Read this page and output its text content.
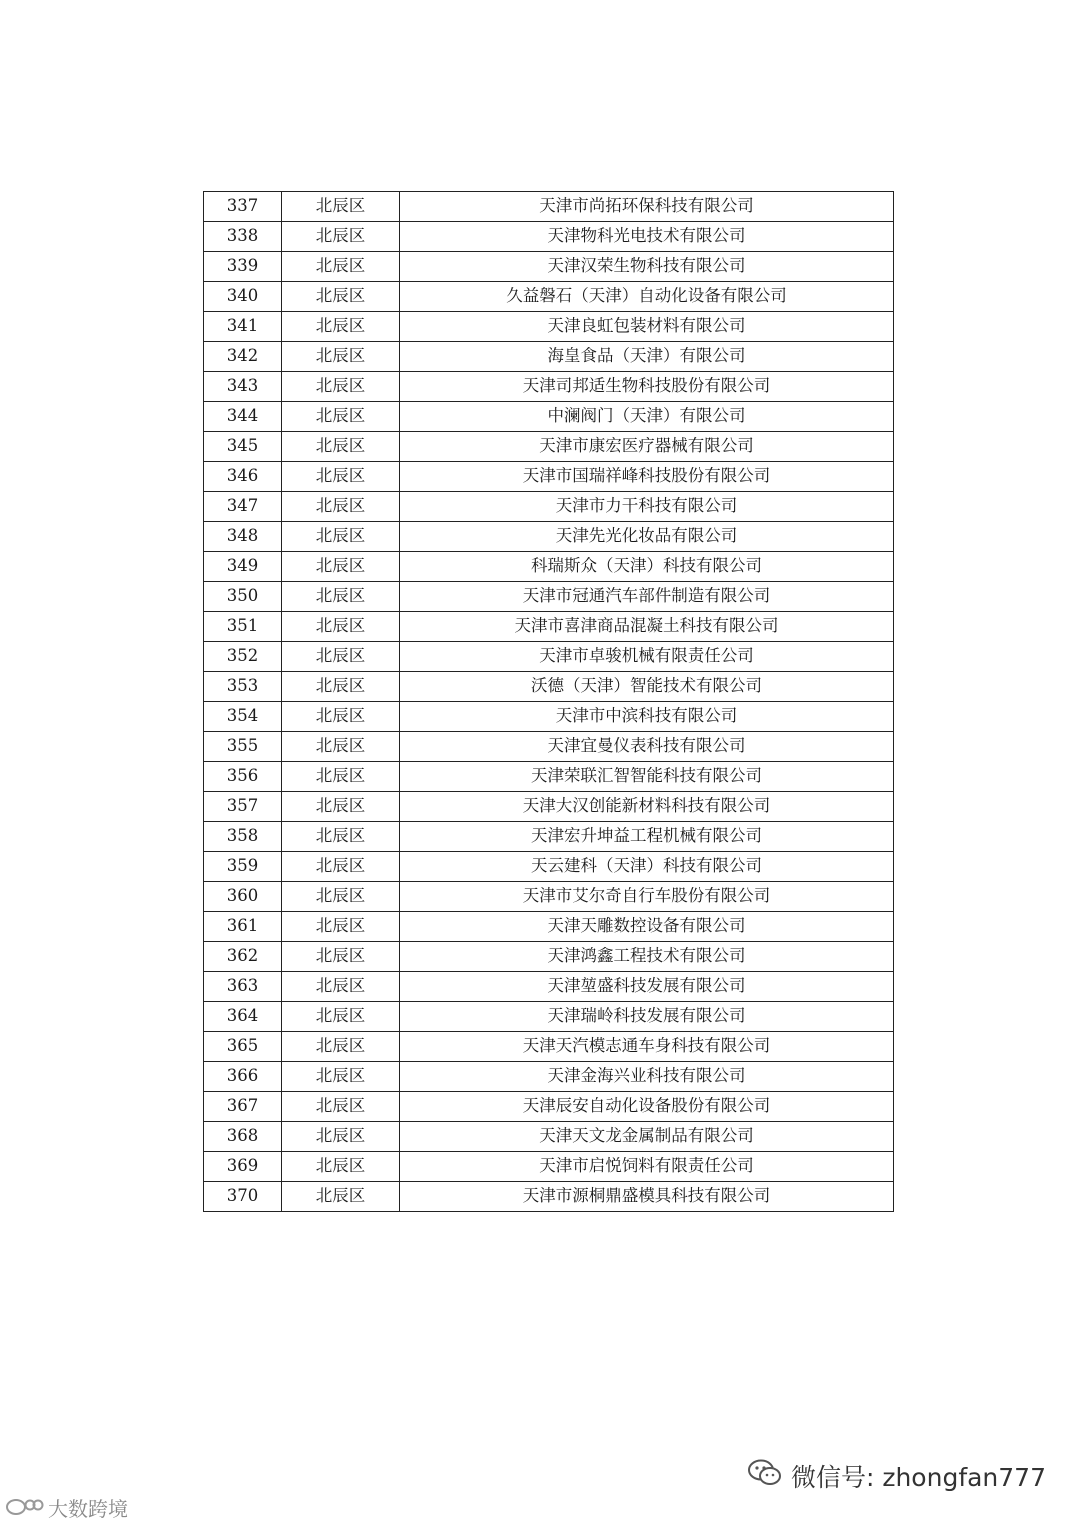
337	北辰区	天津市尚拓环保科技有限公司
338	北辰区	天津物科光电技术有限公司
339	北辰区	天津汉荣生物科技有限公司
340	北辰区	久益磐石（天津）自动化设备有限公司
341	北辰区	天津良虹包装材料有限公司
342	北辰区	海皇食品（天津）有限公司
343	北辰区	天津司邦适生物科技股份有限公司
344	北辰区	中澜阀门（天津）有限公司
345	北辰区	天津市康宏医疗器械有限公司
346	北辰区	天津市国瑞祥峰科技股份有限公司
347	北辰区	天津市力干科技有限公司
348	北辰区	天津先光化妆品有限公司
349	北辰区	科瑞斯众（天津）科技有限公司
350	北辰区	天津市冠通汽车部件制造有限公司
351	北辰区	天津市喜津商品混凝土科技有限公司
352	北辰区	天津市卓骏机械有限责任公司
353	北辰区	沃德（天津）智能技术有限公司
354	北辰区	天津市中滨科技有限公司
355	北辰区	天津宜曼仪表科技有限公司
356	北辰区	天津荣联汇智智能科技有限公司
357	北辰区	天津大汉创能新材料科技有限公司
358	北辰区	天津宏升坤益工程机械有限公司
359	北辰区	天云建科（天津）科技有限公司
360	北辰区	天津市艾尔奇自行车股份有限公司
361	北辰区	天津天雕数控设备有限公司
362	北辰区	天津鸿鑫工程技术有限公司
363	北辰区	天津堃盛科技发展有限公司
364	北辰区	天津瑞岭科技发展有限公司
365	北辰区	天津天汽模志通车身科技有限公司
366	北辰区	天津金海兴业科技有限公司
367	北辰区	天津辰安自动化设备股份有限公司
368	北辰区	天津天文龙金属制品有限公司
369	北辰区	天津市启悦饲料有限责任公司
370	北辰区	天津市源桐鼎盛模具科技有限公司
微信号: zhongfan777
大数跨境
